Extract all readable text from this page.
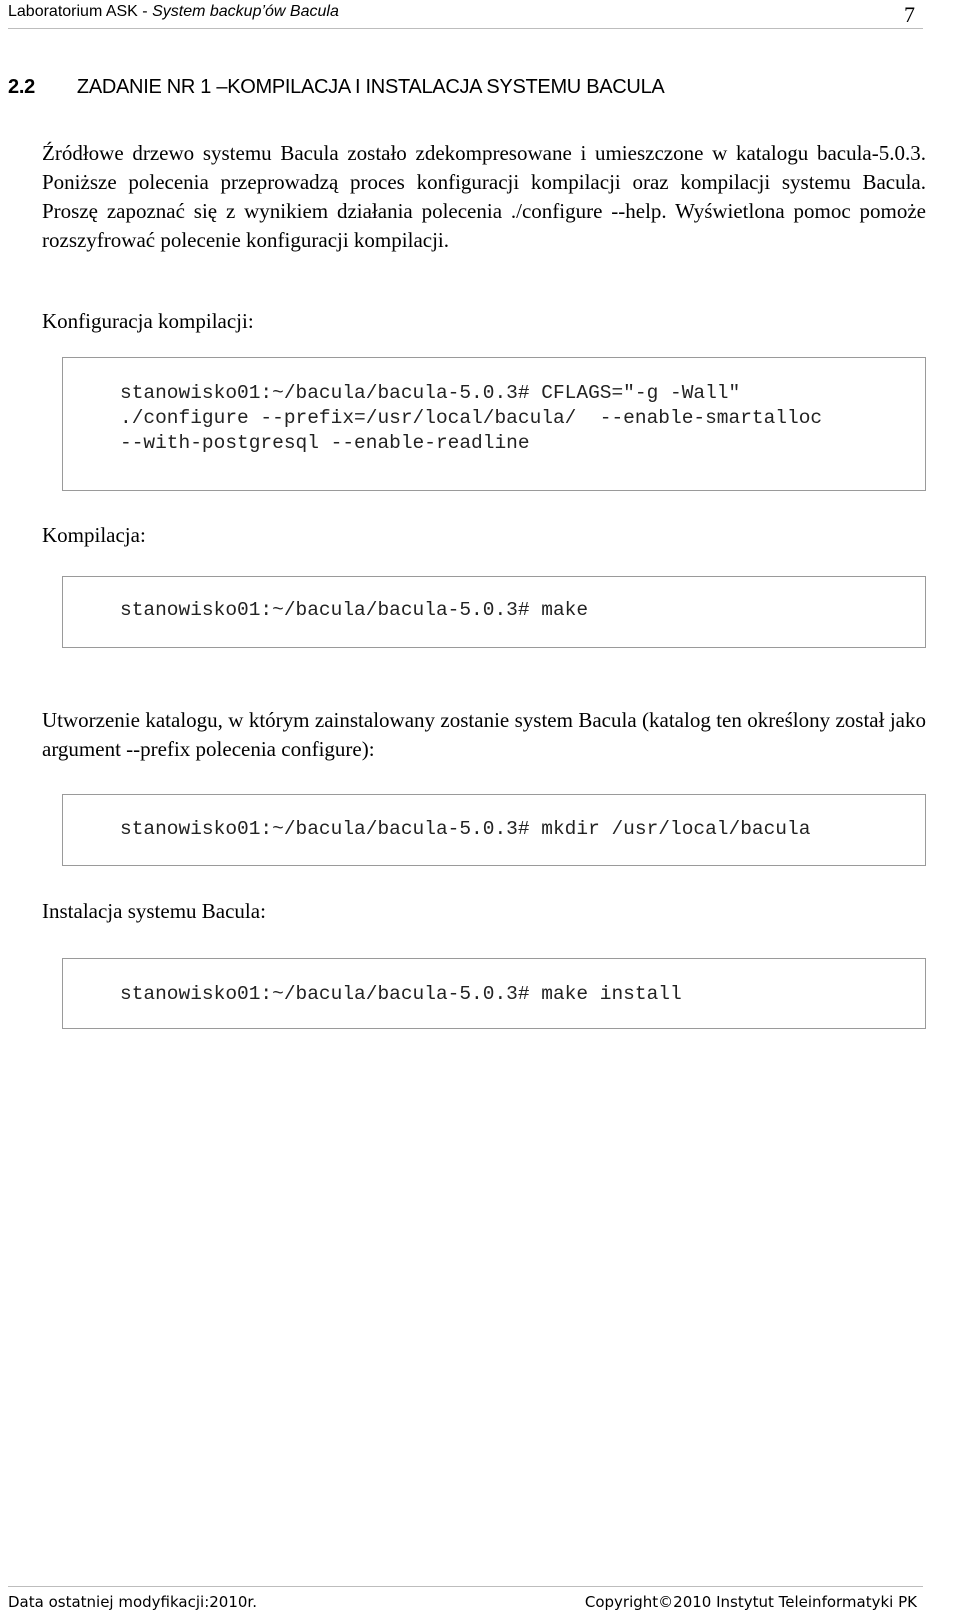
Laboratorium ASK - System backup’ów Bacula	7
2.2 ZADANIE NR 1 –KOMPILACJA I INSTALACJA SYSTEMU BACULA

Źródłowe drzewo systemu Bacula zostało zdekompresowane i umieszczone w katalogu bacula-5.0.3. Poniższe polecenia przeprowadzą proces konfiguracji kompilacji oraz kompilacji systemu Bacula. Proszę zapoznać się z wynikiem działania polecenia ./configure --help. Wyświetlona pomoc pomoże rozszyfrować polecenie konfiguracji kompilacji.

Konfiguracja kompilacji:

stanowisko01:~/bacula/bacula-5.0.3# CFLAGS="-g -Wall"
./configure --prefix=/usr/local/bacula/  --enable-smartalloc
--with-postgresql --enable-readline

Kompilacja:

stanowisko01:~/bacula/bacula-5.0.3# make

Utworzenie katalogu, w którym zainstalowany zostanie system Bacula (katalog ten określony został jako argument --prefix polecenia configure):

stanowisko01:~/bacula/bacula-5.0.3# mkdir /usr/local/bacula

Instalacja systemu Bacula:

stanowisko01:~/bacula/bacula-5.0.3# make install
Data ostatniej modyfikacji:2010r.	Copyright©2010 Instytut Teleinformatyki PK
